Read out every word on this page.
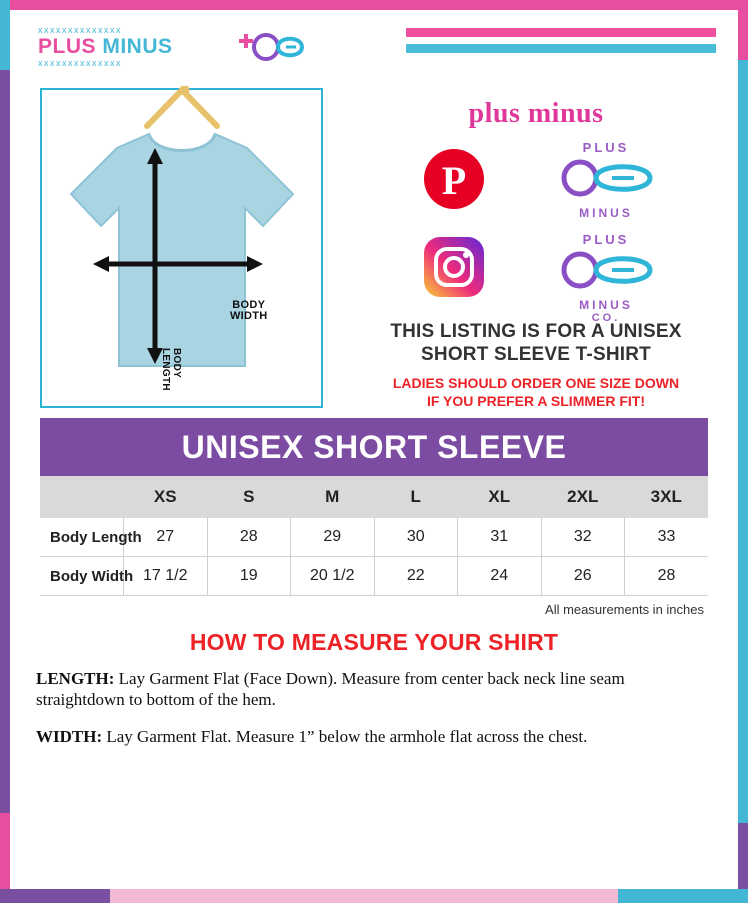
xxxxxxxxxxxxxx
PLUS MINUS
xxxxxxxxxxxxxx
BODY
WIDTH
BODY LENGTH
plus minus
P
PLUS
MINUS
PLUS
MINUS
CO.
THIS LISTING IS FOR A UNISEX
SHORT SLEEVE T-SHIRT
LADIES SHOULD ORDER ONE SIZE DOWN
IF YOU PREFER A SLIMMER FIT!
UNISEX SHORT SLEEVE
	XS	S	M	L	XL	2XL	3XL
Body Length	27	28	29	30	31	32	33
Body Width	17 1/2	19	20 1/2	22	24	26	28
All measurements in inches
HOW TO MEASURE YOUR SHIRT
LENGTH: Lay Garment Flat (Face Down). Measure from center back neck line seam straightdown to bottom of the hem.
WIDTH: Lay Garment Flat. Measure 1” below the armhole flat across the chest.
